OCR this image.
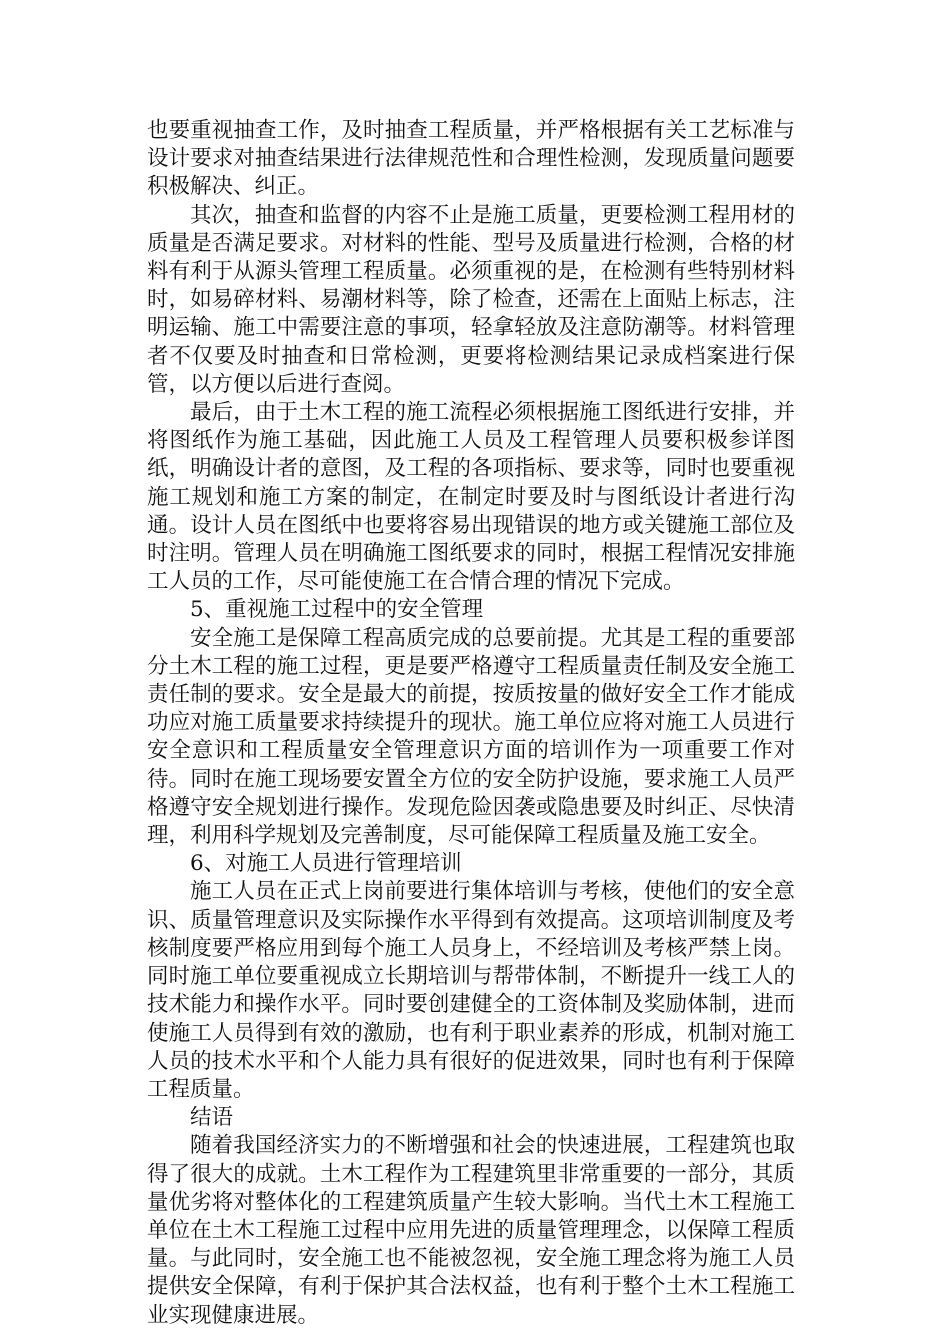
也要重视抽查工作，及时抽查工程质量，并严格根据有关工艺标准与设计要求对抽查结果进行法律规范性和合理性检测，发现质量问题要积极解决、纠正。

其次，抽查和监督的内容不止是施工质量，更要检测工程用材的质量是否满足要求。对材料的性能、型号及质量进行检测，合格的材料有利于从源头管理工程质量。必须重视的是，在检测有些特别材料时，如易碎材料、易潮材料等，除了检查，还需在上面贴上标志，注明运输、施工中需要注意的事项，轻拿轻放及注意防潮等。材料管理者不仅要及时抽查和日常检测，更要将检测结果记录成档案进行保管，以方便以后进行查阅。

最后，由于土木工程的施工流程必须根据施工图纸进行安排，并将图纸作为施工基础，因此施工人员及工程管理人员要积极参详图纸，明确设计者的意图，及工程的各项指标、要求等，同时也要重视施工规划和施工方案的制定，在制定时要及时与图纸设计者进行沟通。设计人员在图纸中也要将容易出现错误的地方或关键施工部位及时注明。管理人员在明确施工图纸要求的同时，根据工程情况安排施工人员的工作，尽可能使施工在合情合理的情况下完成。

5、重视施工过程中的安全管理

安全施工是保障工程高质完成的总要前提。尤其是工程的重要部分土木工程的施工过程，更是要严格遵守工程质量责任制及安全施工责任制的要求。安全是最大的前提，按质按量的做好安全工作才能成功应对施工质量要求持续提升的现状。施工单位应将对施工人员进行安全意识和工程质量安全管理意识方面的培训作为一项重要工作对待。同时在施工现场要安置全方位的安全防护设施，要求施工人员严格遵守安全规划进行操作。发现危险因袭或隐患要及时纠正、尽快清理，利用科学规划及完善制度，尽可能保障工程质量及施工安全。

6、对施工人员进行管理培训

施工人员在正式上岗前要进行集体培训与考核，使他们的安全意识、质量管理意识及实际操作水平得到有效提高。这项培训制度及考核制度要严格应用到每个施工人员身上，不经培训及考核严禁上岗。同时施工单位要重视成立长期培训与帮带体制，不断提升一线工人的技术能力和操作水平。同时要创建健全的工资体制及奖励体制，进而使施工人员得到有效的激励，也有利于职业素养的形成，机制对施工人员的技术水平和个人能力具有很好的促进效果，同时也有利于保障工程质量。

结语

随着我国经济实力的不断增强和社会的快速进展，工程建筑也取得了很大的成就。土木工程作为工程建筑里非常重要的一部分，其质量优劣将对整体化的工程建筑质量产生较大影响。当代土木工程施工单位在土木工程施工过程中应用先进的质量管理理念，以保障工程质量。与此同时，安全施工也不能被忽视，安全施工理念将为施工人员提供安全保障，有利于保护其合法权益，也有利于整个土木工程施工业实现健康进展。
